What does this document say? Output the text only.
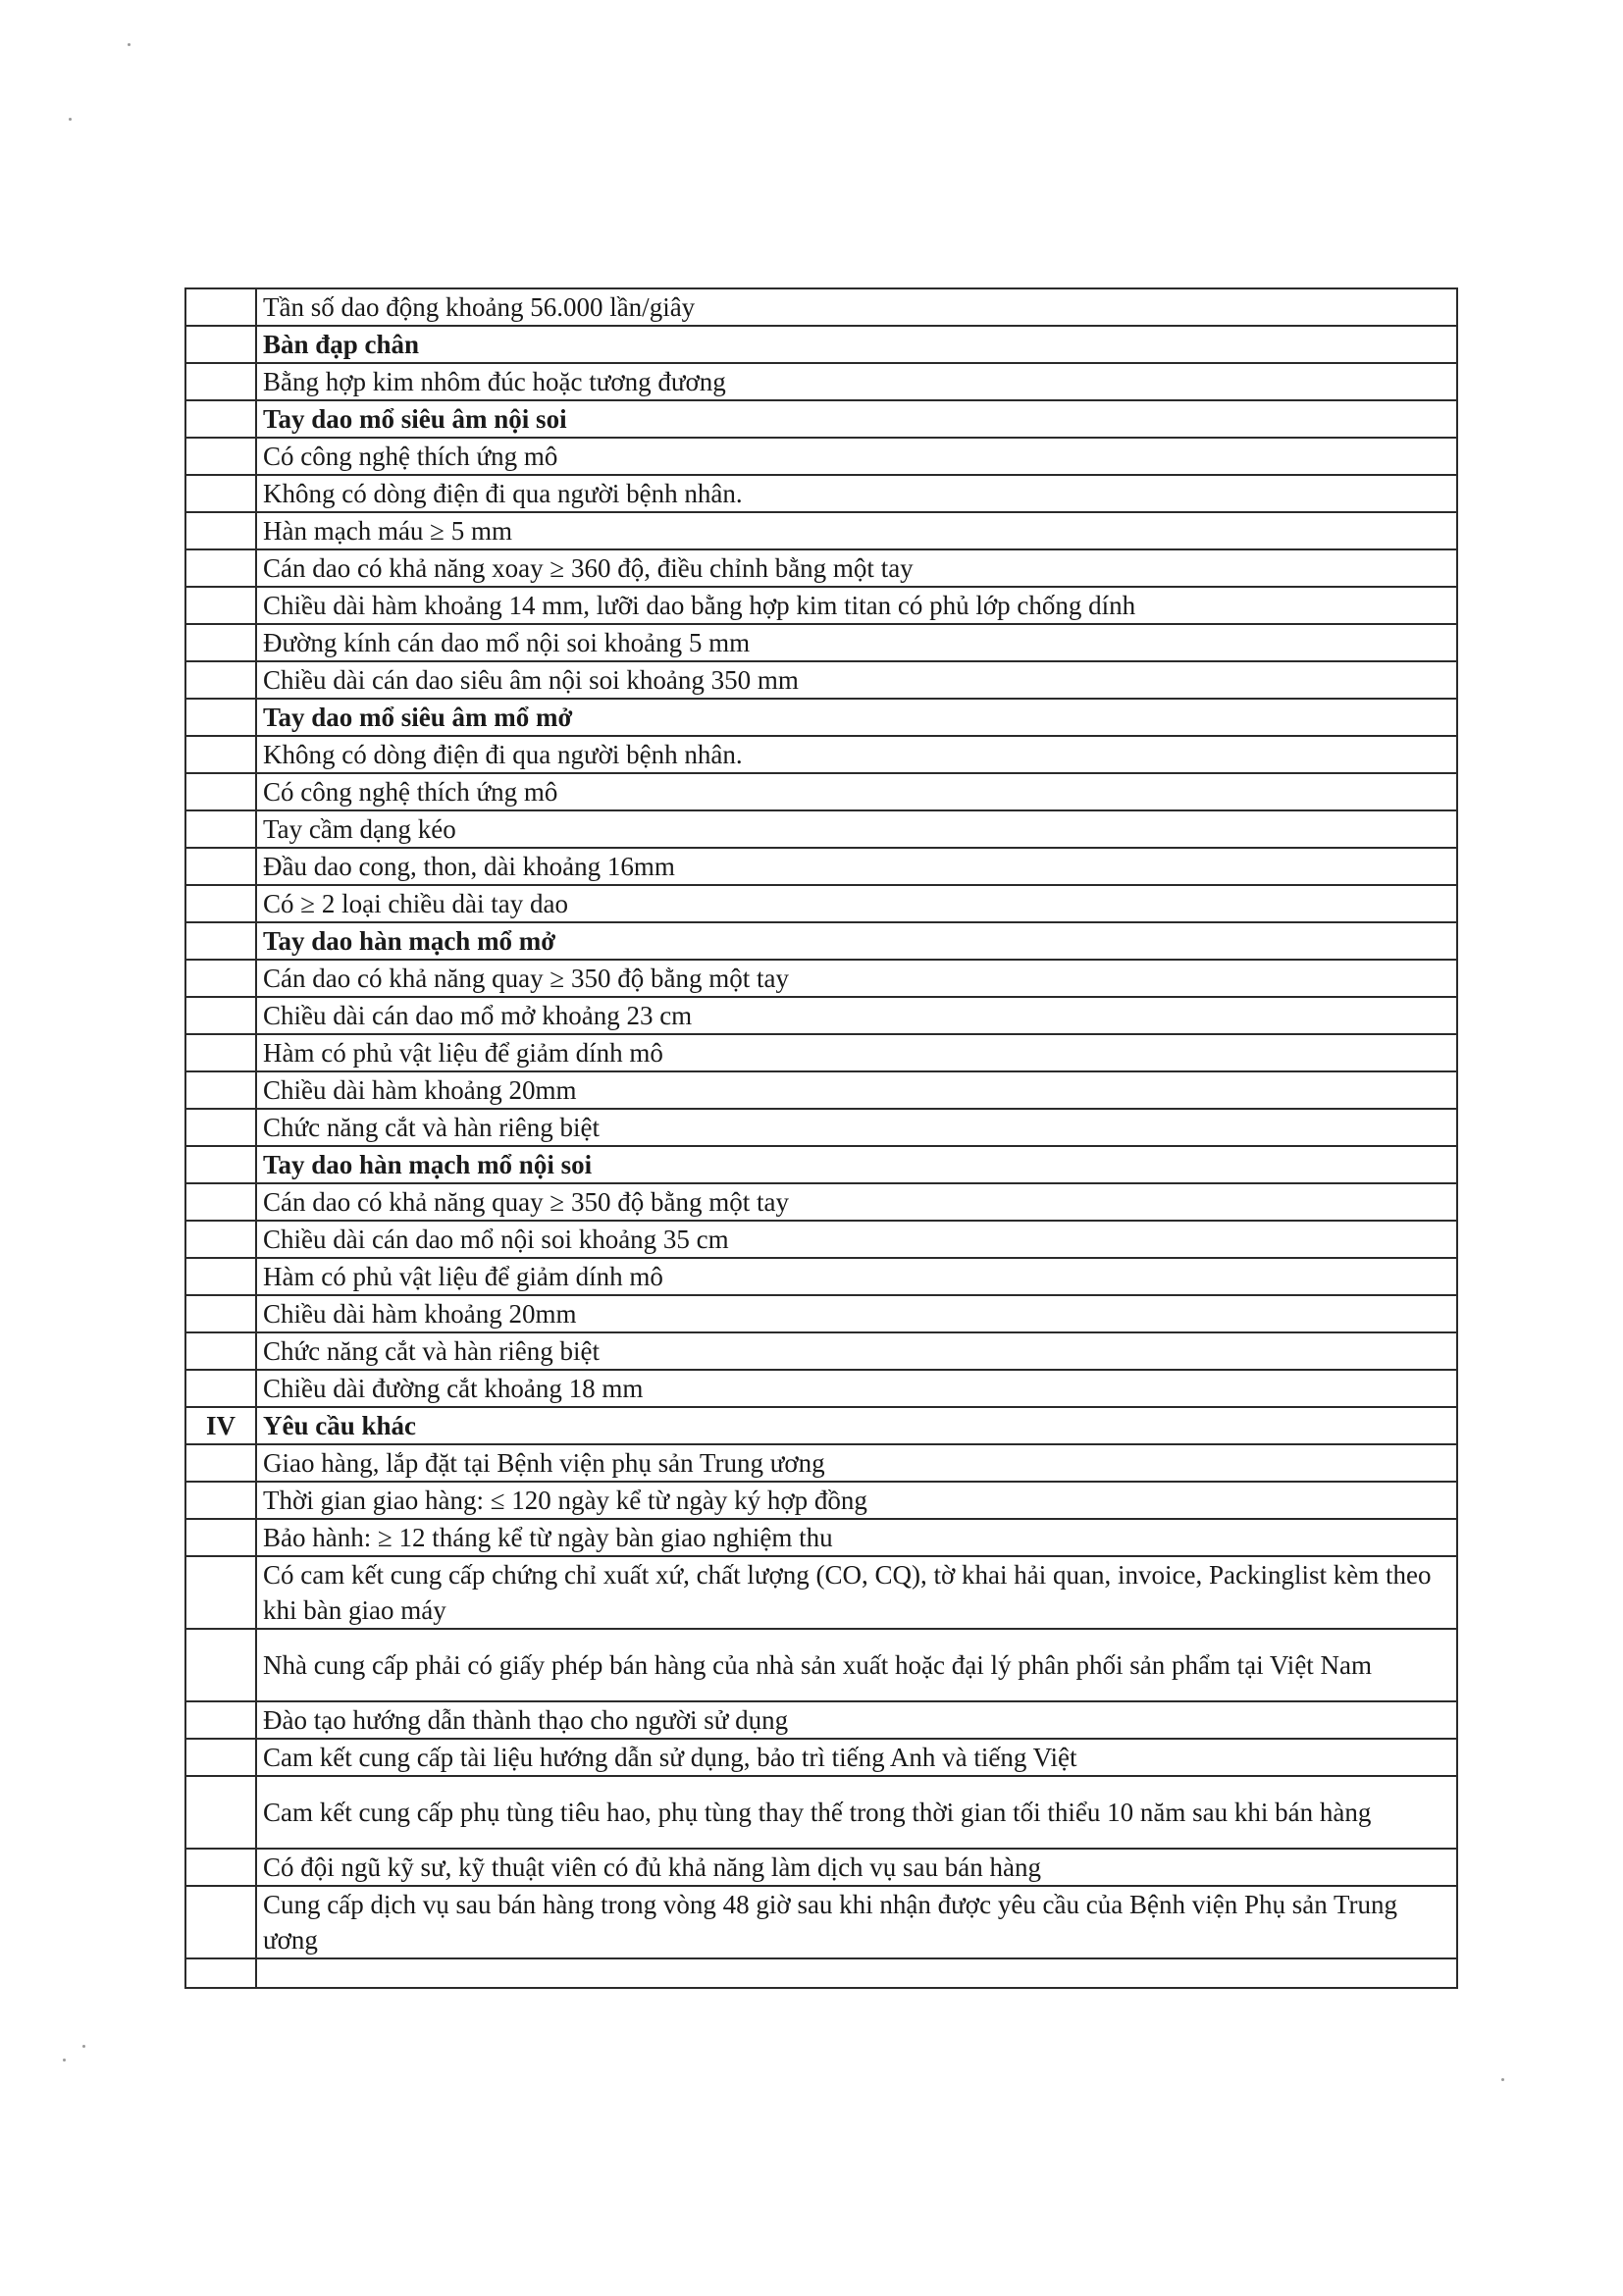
	Tần số dao động khoảng 56.000 lần/giây
	Bàn đạp chân
	Bằng hợp kim nhôm đúc hoặc tương đương
	Tay dao mổ siêu âm nội soi
	Có công nghệ thích ứng mô
	Không có dòng điện đi qua người bệnh nhân.
	Hàn mạch máu ≥ 5 mm
	Cán dao có khả năng xoay ≥ 360 độ, điều chỉnh bằng một tay
	Chiều dài hàm khoảng 14 mm, lưỡi dao bằng hợp kim titan có phủ lớp chống dính
	Đường kính cán dao mổ nội soi khoảng 5 mm
	Chiều dài cán dao siêu âm nội soi khoảng 350 mm
	Tay dao mổ siêu âm mổ mở
	Không có dòng điện đi qua người bệnh nhân.
	Có công nghệ thích ứng mô
	Tay cầm dạng kéo
	Đầu dao cong, thon, dài khoảng 16mm
	Có ≥ 2 loại chiều dài tay dao
	Tay dao hàn mạch mổ mở
	Cán dao có khả năng quay ≥ 350 độ bằng một tay
	Chiều dài cán dao mổ mở khoảng 23 cm
	Hàm có phủ vật liệu để giảm dính mô
	Chiều dài hàm khoảng 20mm
	Chức năng cắt và hàn riêng biệt
	Tay dao hàn mạch mổ nội soi
	Cán dao có khả năng quay ≥ 350 độ bằng một tay
	Chiều dài cán dao mổ nội soi khoảng 35 cm
	Hàm có phủ vật liệu để giảm dính mô
	Chiều dài hàm khoảng 20mm
	Chức năng cắt và hàn riêng biệt
	Chiều dài đường cắt khoảng 18 mm
IV	Yêu cầu khác
	Giao hàng, lắp đặt tại Bệnh viện phụ sản Trung ương
	Thời gian giao hàng: ≤ 120 ngày kể từ ngày ký hợp đồng
	Bảo hành: ≥ 12 tháng kể từ ngày bàn giao nghiệm thu
	Có cam kết cung cấp chứng chỉ xuất xứ, chất lượng (CO, CQ), tờ khai hải quan, invoice, Packinglist kèm theo khi bàn giao máy
	Nhà cung cấp phải có giấy phép bán hàng của nhà sản xuất hoặc đại lý phân phối sản phẩm tại Việt Nam
	Đào tạo hướng dẫn thành thạo cho người sử dụng
	Cam kết cung cấp tài liệu hướng dẫn sử dụng, bảo trì tiếng Anh và tiếng Việt
	Cam kết cung cấp phụ tùng tiêu hao, phụ tùng thay thế trong thời gian tối thiểu 10 năm sau khi bán hàng
	Có đội ngũ kỹ sư, kỹ thuật viên có đủ khả năng làm dịch vụ sau bán hàng
	Cung cấp dịch vụ sau bán hàng trong vòng 48 giờ sau khi nhận được yêu cầu của Bệnh viện Phụ sản Trung ương
